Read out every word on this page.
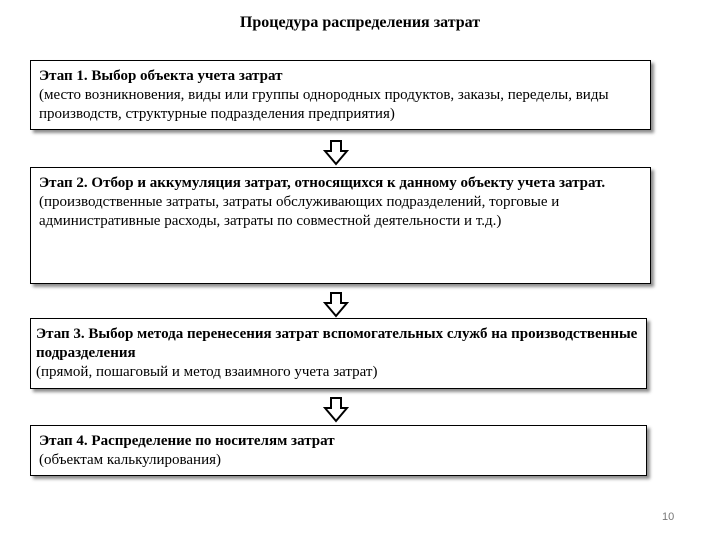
Процедура распределения затрат
Этап 1. Выбор объекта учета затрат
(место возникновения, виды или группы однородных продуктов, заказы, переделы, виды производств, структурные подразделения предприятия)
Этап 2. Отбор и аккумуляция затрат, относящихся к данному объекту учета затрат.
(производственные затраты, затраты обслуживающих подразделений, торговые и административные расходы, затраты по совместной деятельности и т.д.)
Этап 3. Выбор метода перенесения затрат вспомогательных служб на производственные подразделения
(прямой, пошаговый и метод взаимного учета затрат)
Этап 4. Распределение по носителям затрат
(объектам калькулирования)
10
